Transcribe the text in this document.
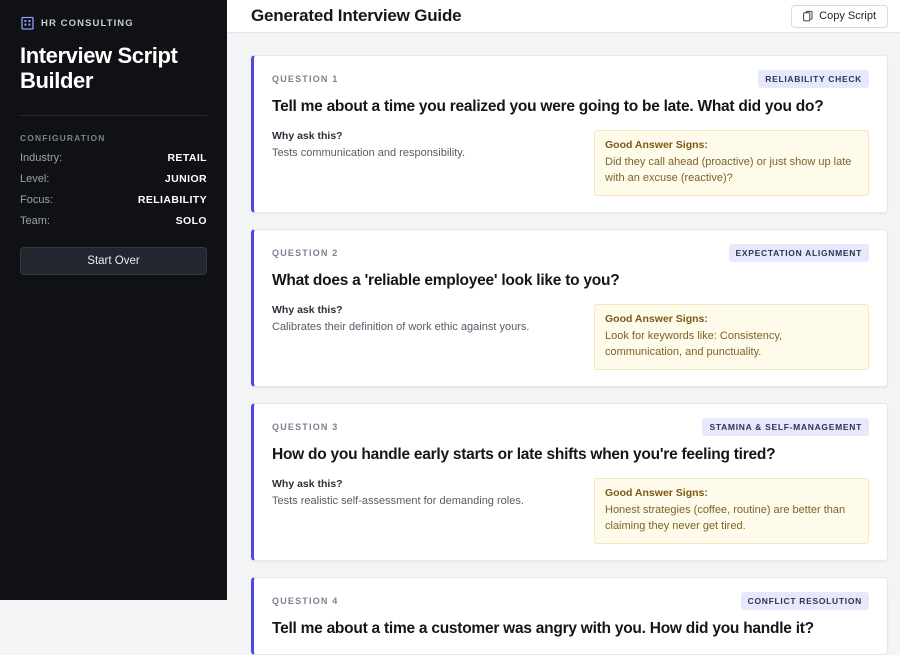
HR CONSULTING
Interview Script Builder
CONFIGURATION
Industry:	RETAIL
Level:	JUNIOR
Focus:	RELIABILITY
Team:	SOLO
Start Over
Generated Interview Guide	Copy Script
QUESTION 1	RELIABILITY CHECK
Tell me about a time you realized you were going to be late. What did you do?
Why ask this?
Tests communication and responsibility.
Good Answer Signs:
Did they call ahead (proactive) or just show up late with an excuse (reactive)?
QUESTION 2	EXPECTATION ALIGNMENT
What does a 'reliable employee' look like to you?
Why ask this?
Calibrates their definition of work ethic against yours.
Good Answer Signs:
Look for keywords like: Consistency, communication, and punctuality.
QUESTION 3	STAMINA & SELF-MANAGEMENT
How do you handle early starts or late shifts when you're feeling tired?
Why ask this?
Tests realistic self-assessment for demanding roles.
Good Answer Signs:
Honest strategies (coffee, routine) are better than claiming they never get tired.
QUESTION 4	CONFLICT RESOLUTION
Tell me about a time a customer was angry with you. How did you handle it?
